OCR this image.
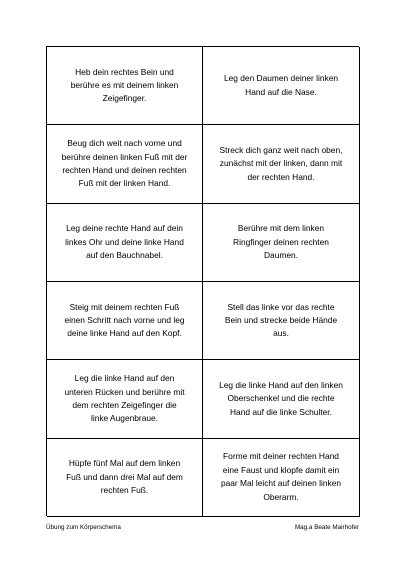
Heb dein rechtes Bein und
berühre es mit deinem linken
Zeigefinger.
Leg den Daumen deiner linken
Hand auf die Nase.
Beug dich weit nach vorne und
berühre deinen linken Fuß mit der
rechten Hand und deinen rechten
Fuß mit der linken Hand.
Streck dich ganz weit nach oben,
zunächst mit der linken, dann mit
der rechten Hand.
Leg deine rechte Hand auf dein
linkes Ohr und deine linke Hand
auf den Bauchnabel.
Berühre mit dem linken
Ringfinger deinen rechten
Daumen.
Steig mit deinem rechten Fuß
einen Schritt nach vorne und leg
deine linke Hand auf den Kopf.
Stell das linke vor das rechte
Bein und strecke beide Hände
aus.
Leg die linke Hand auf den
unteren Rücken und berühre mit
dem rechten Zeigefinger die
linke Augenbraue.
Leg die linke Hand auf den linken
Oberschenkel und die rechte
Hand auf die linke Schulter.
Hüpfe fünf Mal auf dem linken
Fuß und dann drei Mal auf dem
rechten Fuß.
Forme mit deiner rechten Hand
eine Faust und klopfe damit ein
paar Mal leicht auf deinen linken
Oberarm.
Übung zum Körperschema	Mag.a Beate Mairhofer
